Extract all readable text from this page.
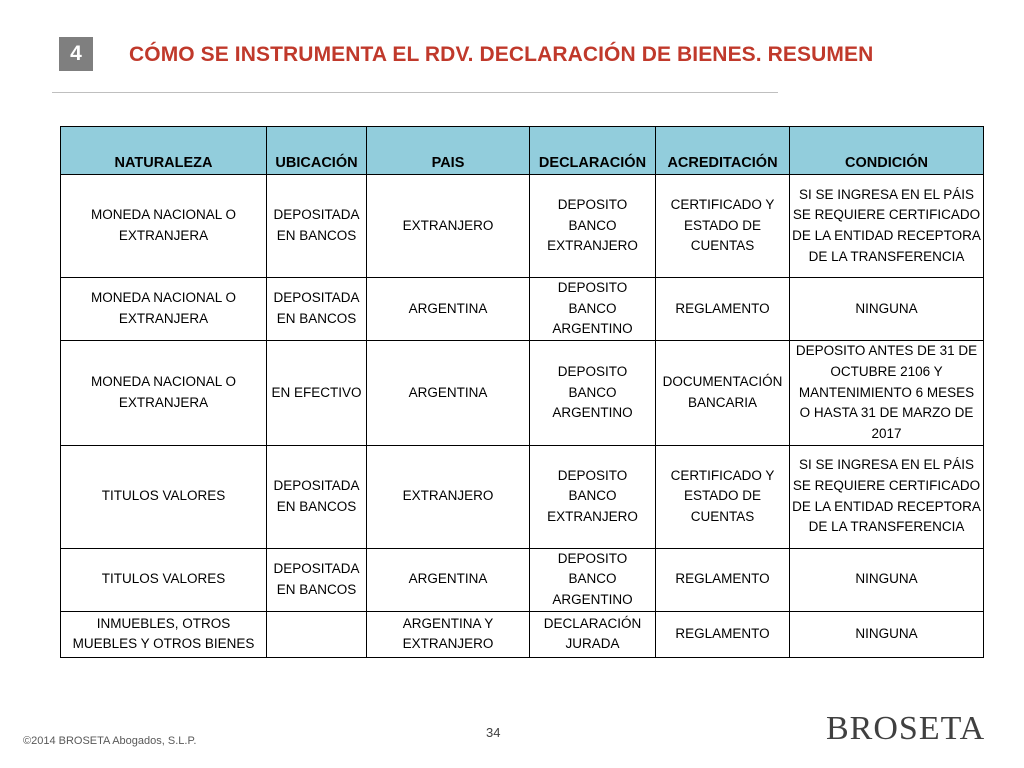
4	CÓMO SE INSTRUMENTA EL RDV. DECLARACIÓN DE BIENES. RESUMEN
NATURALEZA	UBICACIÓN	PAIS	DECLARACIÓN	ACREDITACIÓN	CONDICIÓN
MONEDA NACIONAL O EXTRANJERA	DEPOSITADA EN BANCOS	EXTRANJERO	DEPOSITO BANCO EXTRANJERO	CERTIFICADO Y ESTADO DE CUENTAS	SI SE INGRESA EN EL PÁIS SE REQUIERE CERTIFICADO DE LA ENTIDAD RECEPTORA DE LA TRANSFERENCIA
MONEDA NACIONAL O EXTRANJERA	DEPOSITADA EN BANCOS	ARGENTINA	DEPOSITO BANCO ARGENTINO	REGLAMENTO	NINGUNA
MONEDA NACIONAL O EXTRANJERA	EN EFECTIVO	ARGENTINA	DEPOSITO BANCO ARGENTINO	DOCUMENTACIÓN BANCARIA	DEPOSITO ANTES DE 31 DE OCTUBRE 2106 Y MANTENIMIENTO 6 MESES O HASTA 31 DE MARZO DE 2017
TITULOS VALORES	DEPOSITADA EN BANCOS	EXTRANJERO	DEPOSITO BANCO EXTRANJERO	CERTIFICADO Y ESTADO DE CUENTAS	SI SE INGRESA EN EL PÁIS SE REQUIERE CERTIFICADO DE LA ENTIDAD RECEPTORA DE LA TRANSFERENCIA
TITULOS VALORES	DEPOSITADA EN BANCOS	ARGENTINA	DEPOSITO BANCO ARGENTINO	REGLAMENTO	NINGUNA
INMUEBLES, OTROS MUEBLES Y OTROS BIENES		ARGENTINA Y EXTRANJERO	DECLARACIÓN JURADA	REGLAMENTO	NINGUNA
©2014 BROSETA Abogados, S.L.P.
34	BROSETA
